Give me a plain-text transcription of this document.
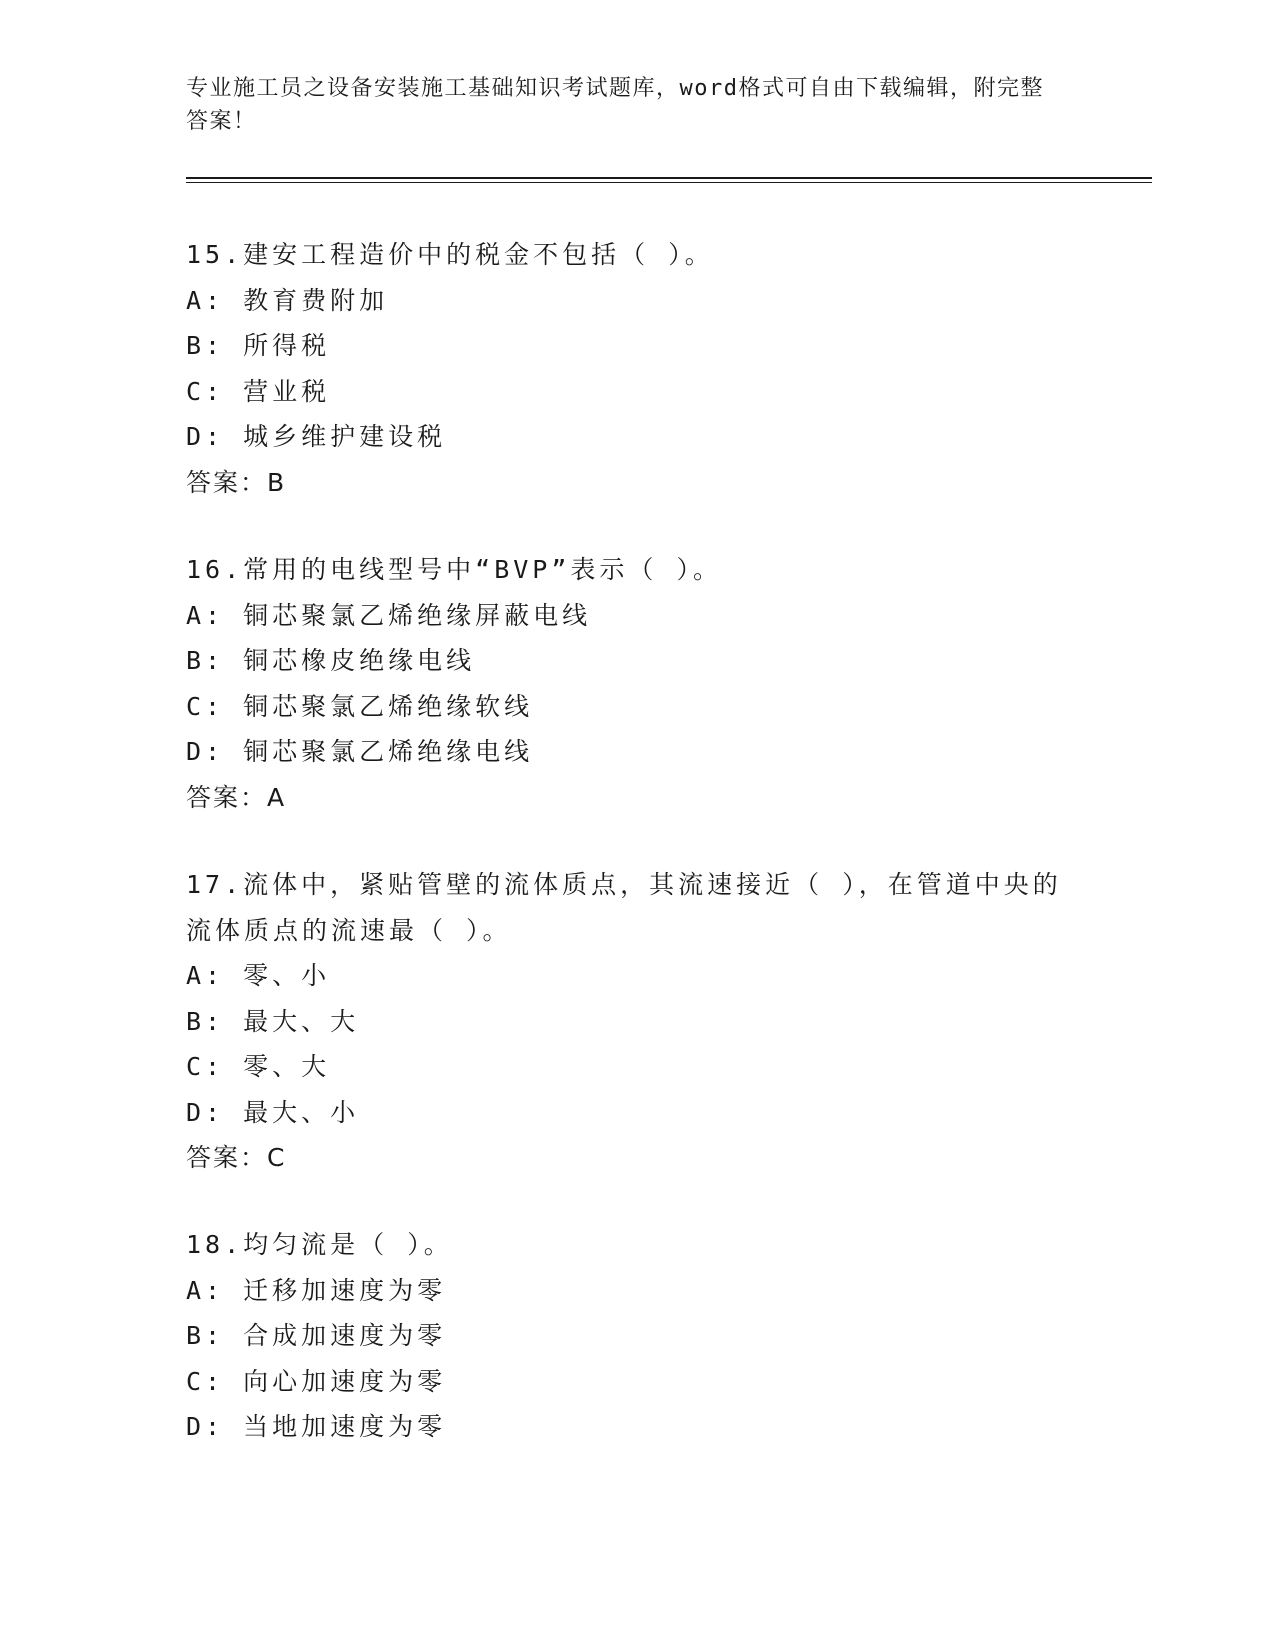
专业施工员之设备安装施工基础知识考试题库，word格式可自由下载编辑，附完整答案！
15.建安工程造价中的税金不包括（ ）。
A: 教育费附加
B: 所得税
C: 营业税
D: 城乡维护建设税
答案：B
16.常用的电线型号中“BVP”表示（ ）。
A: 铜芯聚氯乙烯绝缘屏蔽电线
B: 铜芯橡皮绝缘电线
C: 铜芯聚氯乙烯绝缘软线
D: 铜芯聚氯乙烯绝缘电线
答案：A
17.流体中，紧贴管壁的流体质点，其流速接近（ ），在管道中央的流体质点的流速最（ ）。
A: 零、小
B: 最大、大
C: 零、大
D: 最大、小
答案：C
18.均匀流是（ ）。
A: 迁移加速度为零
B: 合成加速度为零
C: 向心加速度为零
D: 当地加速度为零
